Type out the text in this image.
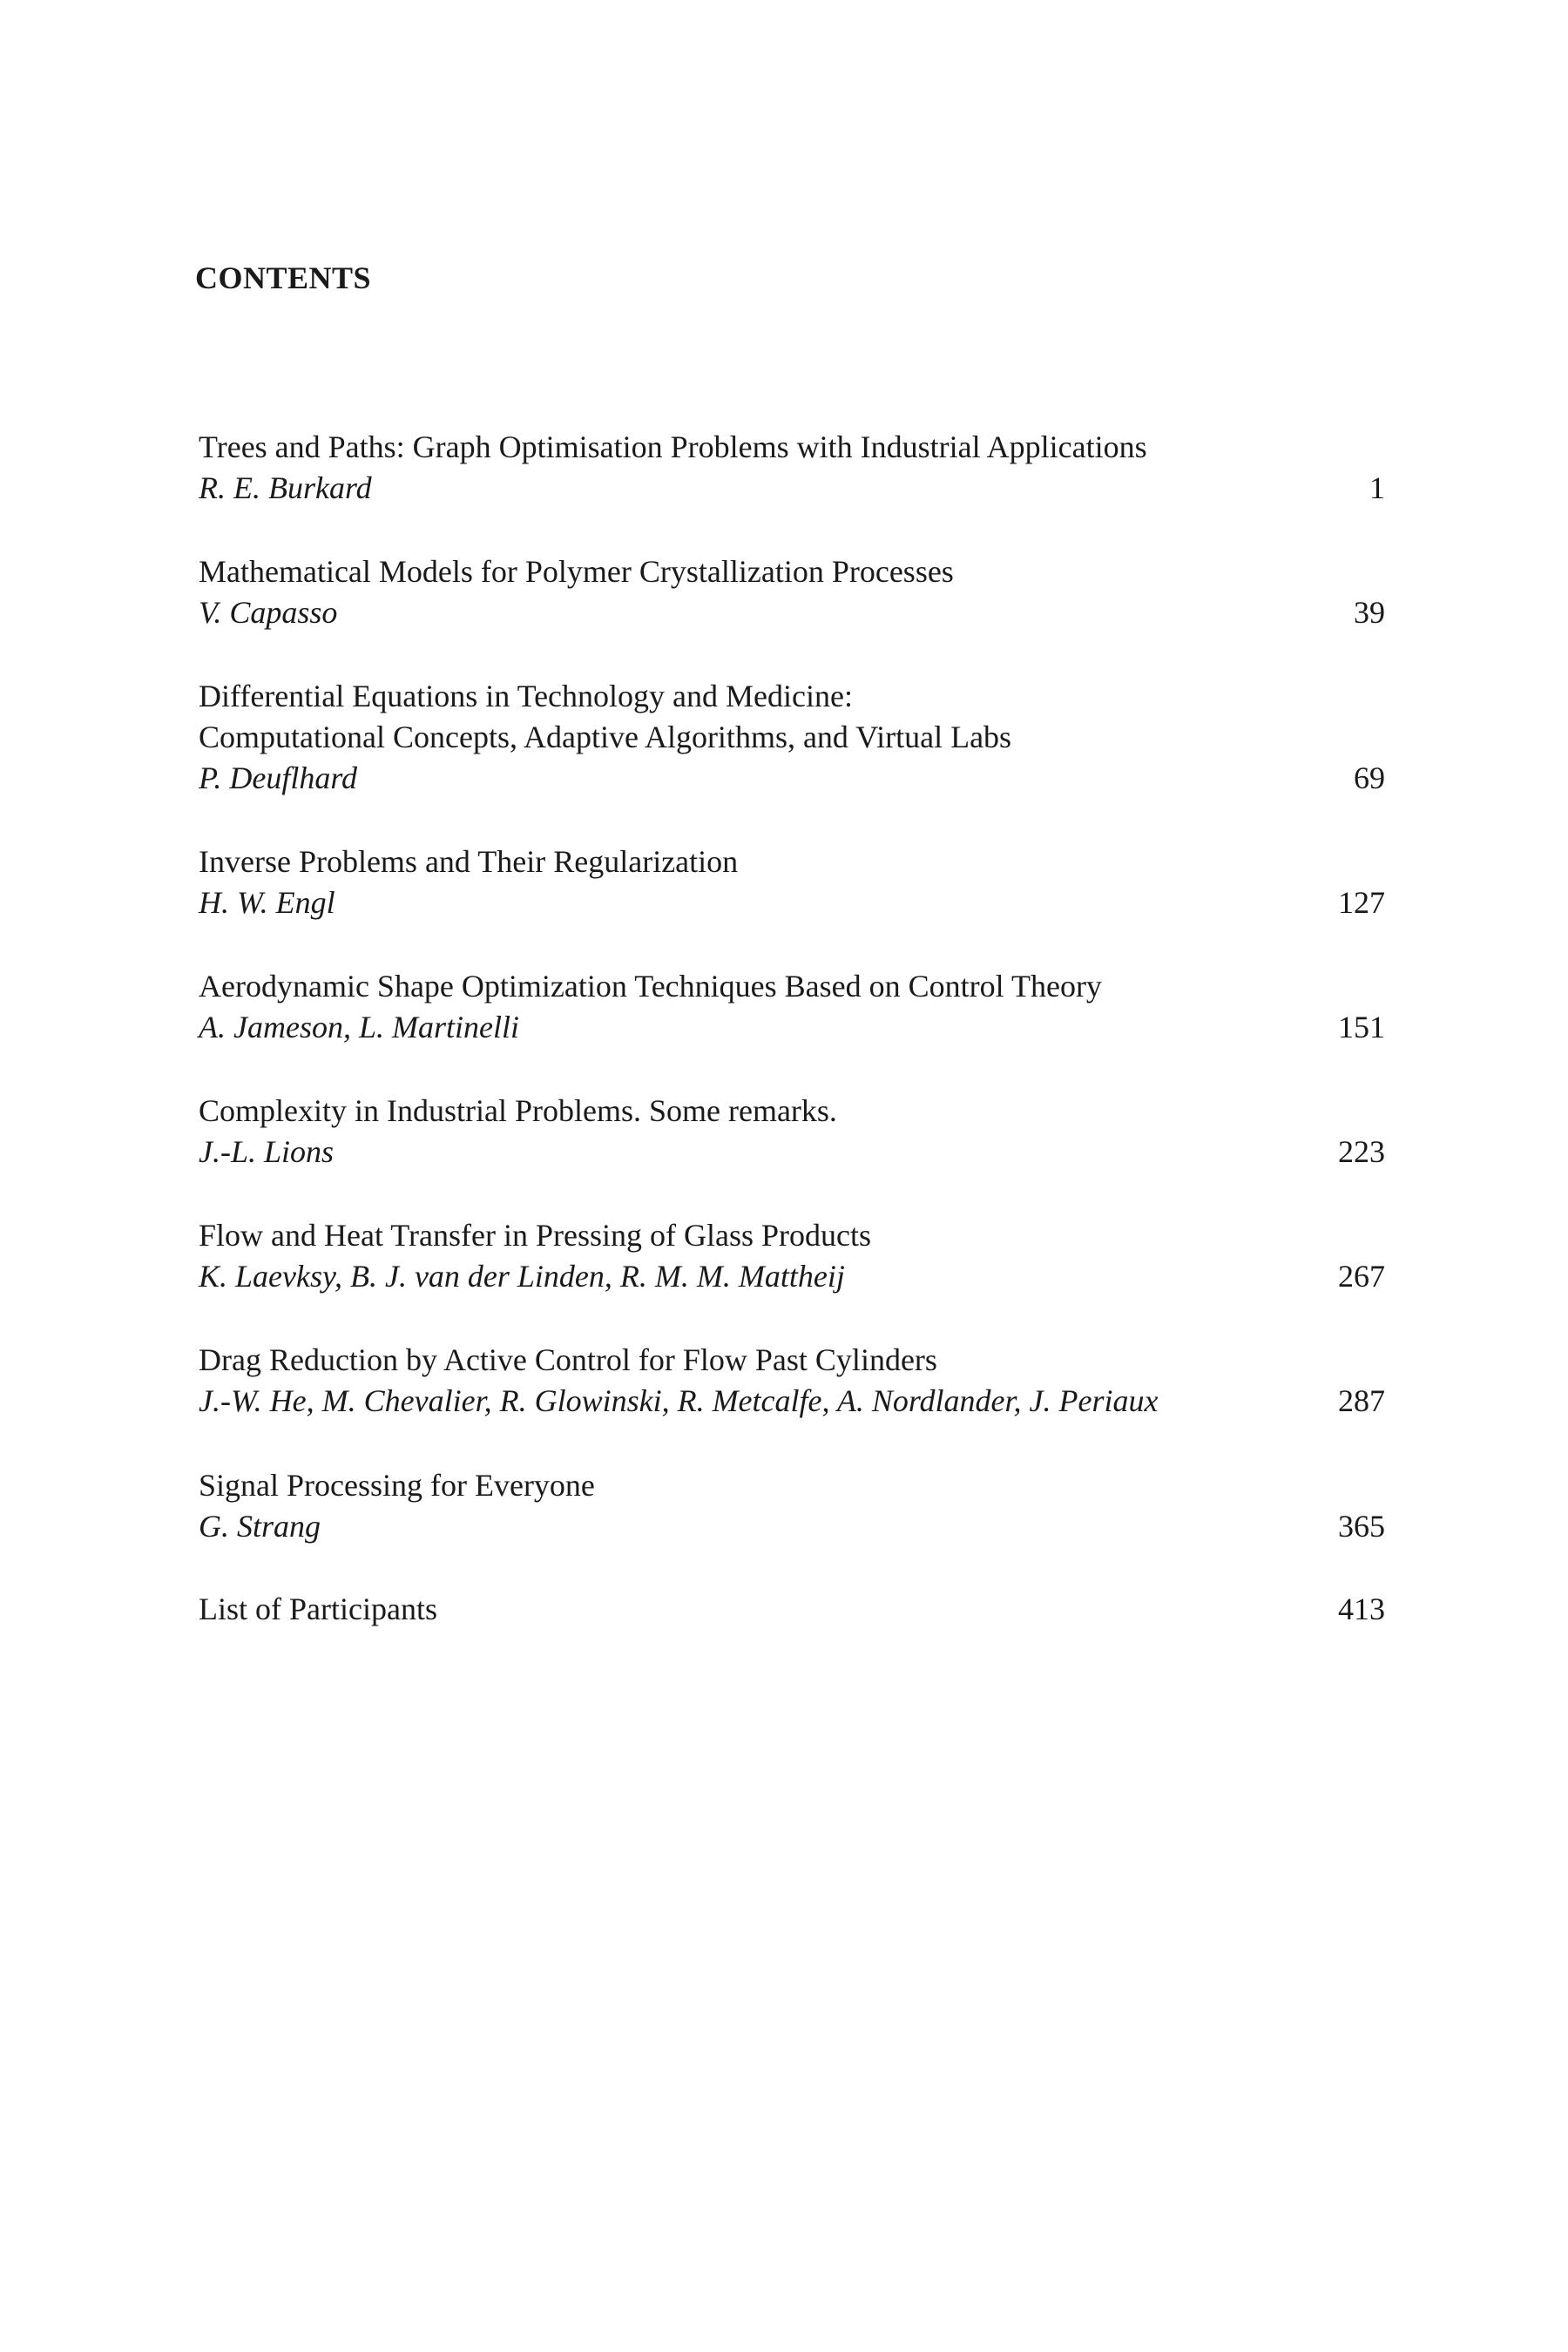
CONTENTS
Trees and Paths: Graph Optimisation Problems with Industrial Applications
R. E. Burkard	1
Mathematical Models for Polymer Crystallization Processes
V. Capasso	39
Differential Equations in Technology and Medicine:
Computational Concepts, Adaptive Algorithms, and Virtual Labs
P. Deuflhard	69
Inverse Problems and Their Regularization
H. W. Engl	127
Aerodynamic Shape Optimization Techniques Based on Control Theory
A. Jameson, L. Martinelli	151
Complexity in Industrial Problems. Some remarks.
J.-L. Lions	223
Flow and Heat Transfer in Pressing of Glass Products
K. Laevksy, B. J. van der Linden, R. M. M. Mattheij	267
Drag Reduction by Active Control for Flow Past Cylinders
J.-W. He, M. Chevalier, R. Glowinski, R. Metcalfe, A. Nordlander, J. Periaux	287
Signal Processing for Everyone
G. Strang	365
List of Participants	413
